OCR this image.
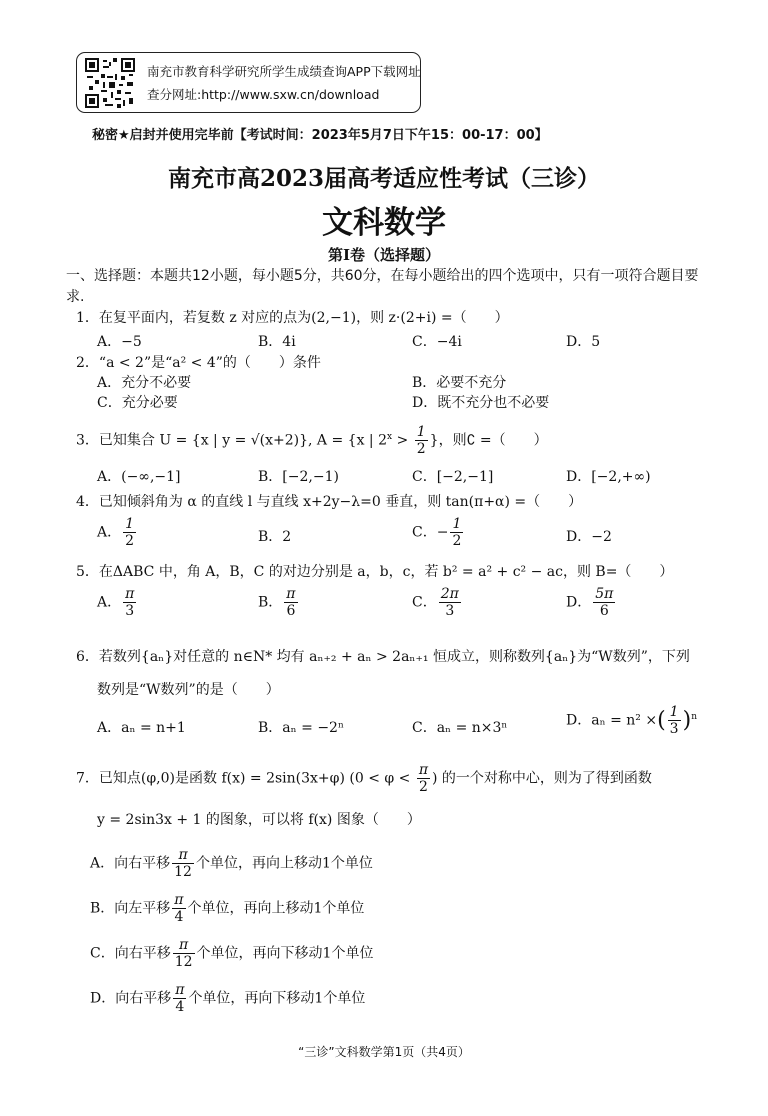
南充市教育科学研究所学生成绩查询APP下载网址
查分网址:http://www.sxw.cn/download
秘密★启封并使用完毕前【考试时间：2023年5月7日下午15：00-17：00】
南充市高2023届高考适应性考试（三诊）
文科数学
第Ⅰ卷（选择题）
一、选择题：本题共12小题，每小题5分，共60分，在每小题给出的四个选项中，只有一项符合题目要求.
1．在复平面内，若复数 z 对应的点为(2,−1)，则 z·(2+i) =（　　）
A．−5	B．4i	C．−4i	D．5
2．“a < 2”是“a² < 4”的（　　）条件
A．充分不必要	B．必要不充分
C．充分必要	D．既不充分也不必要
3．已知集合 U = {x | y = √(x+2)}, A = {x | $2^x > \frac{1}{2}$ }，则∁ =（　　）
A．(−∞,−1]	B．[−2,−1)	C．[−2,−1]	D．[−2,+∞)
4．已知倾斜角为 α 的直线 l 与直线 x+2y−λ=0 垂直，则 tan(π+α) =（　　）
A． $\frac{1}{2}$	B．2	C．− $\frac{1}{2}$	D．−2
5．在ΔABC 中，角 A，B，C 的对边分别是 a，b，c，若 b² = a² + c² − ac，则 B=（　　）
A． $\frac{\pi}{3}$	B． $\frac{\pi}{6}$	C． $\frac{2\pi}{3}$	D． $\frac{5\pi}{6}$
6．若数列{aₙ}对任意的 n∈N* 均有 aₙ₊₂ + aₙ > 2aₙ₊₁ 恒成立，则称数列{aₙ}为“W数列”，下列
数列是“W数列”的是（　　）
A．aₙ = n+1	B．aₙ = −2ⁿ	C．aₙ = n×3ⁿ	D．aₙ = n² ×( $\frac{1}{3} )^n$
7．已知点(φ,0)是函数 f(x) = 2sin(3x+φ) ($0 < \varphi < \frac{\pi}{2}$ ) 的一个对称中心，则为了得到函数
y = 2sin3x + 1 的图象，可以将 f(x) 图象（　　）
A．向右平移 $\frac{\pi}{12}$ 个单位，再向上移动1个单位
B．向左平移 $\frac{\pi}{4}$ 个单位，再向上移动1个单位
C．向右平移 $\frac{\pi}{12}$ 个单位，再向下移动1个单位
D．向右平移 $\frac{\pi}{4}$ 个单位，再向下移动1个单位
“三诊”文科数学第1页（共4页）
